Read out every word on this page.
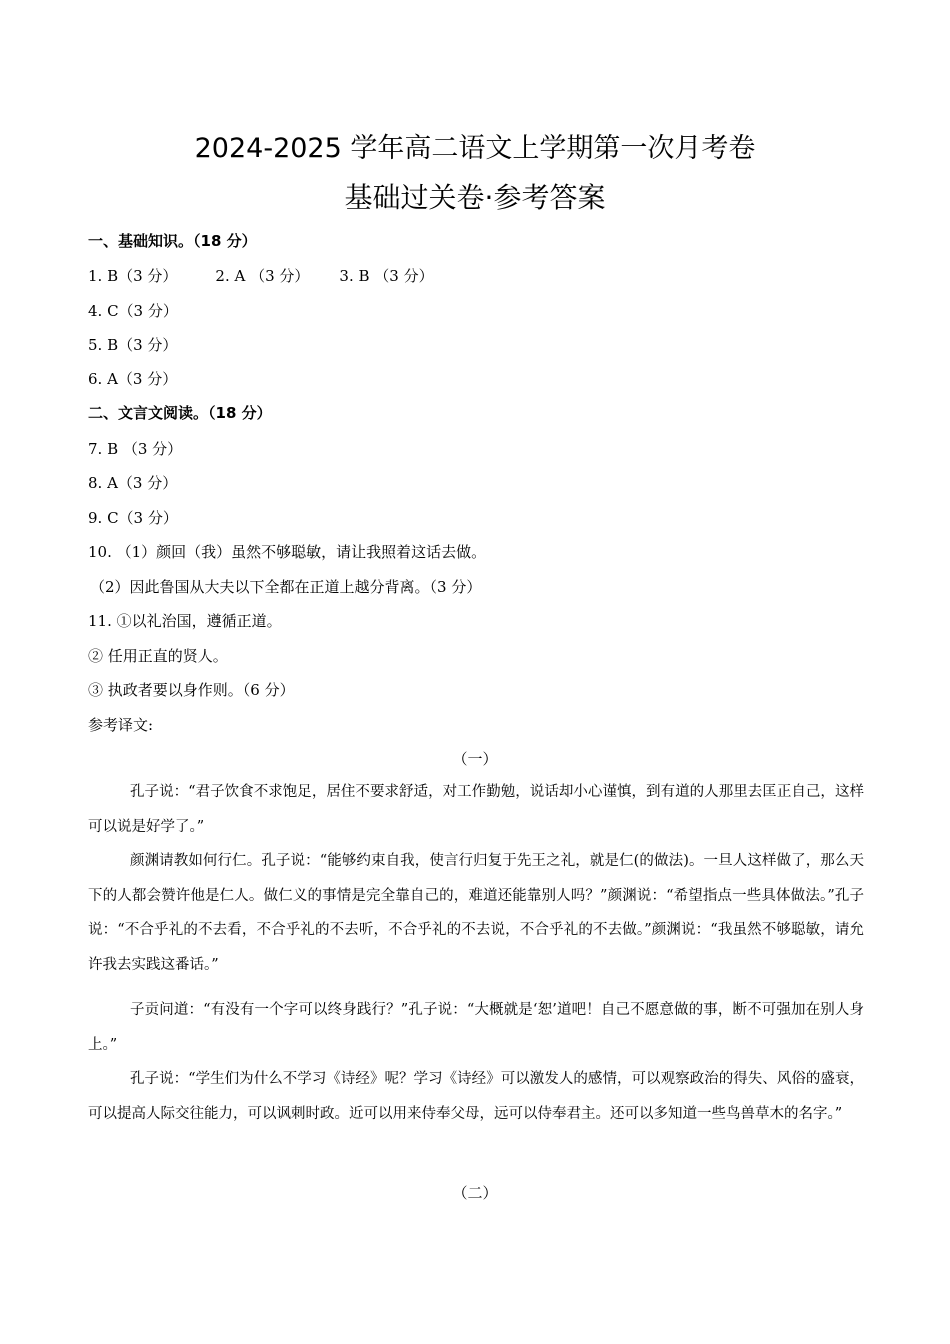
2024-2025 学年高二语文上学期第一次月考卷
基础过关卷·参考答案
一、基础知识。（18 分）
1. B（3 分）	2. A （3 分） 3. B （3 分）
4. C（3 分）
5. B（3 分）
6. A（3 分）
二、文言文阅读。（18 分）
7. B （3 分）
8. A（3 分）
9. C（3 分）
10. （1）颜回（我）虽然不够聪敏，请让我照着这话去做。
（2）因此鲁国从大夫以下全都在正道上越分背离。（3 分）
11. ①以礼治国，遵循正道。
② 任用正直的贤人。
③ 执政者要以身作则。（6 分）
参考译文:
（一）
孔子说：“君子饮食不求饱足，居住不要求舒适，对工作勤勉，说话却小心谨慎，到有道的人那里去匡正自己，这样可以说是好学了。”
颜渊请教如何行仁。孔子说：“能够约束自我，使言行归复于先王之礼，就是仁(的做法)。一旦人这样做了，那么天下的人都会赞许他是仁人。做仁义的事情是完全靠自己的，难道还能靠别人吗？”颜渊说：“希望指点一些具体做法。”孔子说：“不合乎礼的不去看，不合乎礼的不去听，不合乎礼的不去说，不合乎礼的不去做。”颜渊说：“我虽然不够聪敏，请允许我去实践这番话。”
子贡问道：“有没有一个字可以终身践行？”孔子说：“大概就是‘恕’道吧！自己不愿意做的事，断不可强加在别人身上。”
孔子说：“学生们为什么不学习《诗经》呢？学习《诗经》可以激发人的感情，可以观察政治的得失、风俗的盛衰，可以提高人际交往能力，可以讽刺时政。近可以用来侍奉父母，远可以侍奉君主。还可以多知道一些鸟兽草木的名字。”
（二）
